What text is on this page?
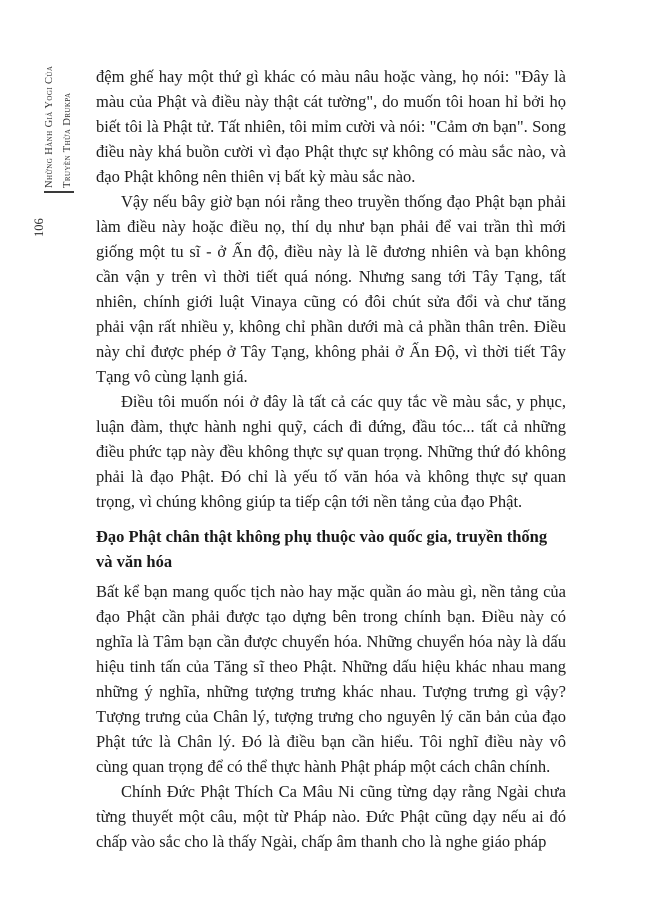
Những Hành Giả Yogi Của Truyền Thừa Drukpa
106

đệm ghế hay một thứ gì khác có màu nâu hoặc vàng, họ nói: "Đây là màu của Phật và điều này thật cát tường", do muốn tôi hoan hỉ bởi họ biết tôi là Phật tử. Tất nhiên, tôi mỉm cười và nói: "Cảm ơn bạn". Song điều này khá buồn cười vì đạo Phật thực sự không có màu sắc nào, và đạo Phật không nên thiên vị bất kỳ màu sắc nào.

Vậy nếu bây giờ bạn nói rằng theo truyền thống đạo Phật bạn phải làm điều này hoặc điều nọ, thí dụ như bạn phải để vai trần thì mới giống một tu sĩ - ở Ấn độ, điều này là lẽ đương nhiên và bạn không cần vận y trên vì thời tiết quá nóng. Nhưng sang tới Tây Tạng, tất nhiên, chính giới luật Vinaya cũng có đôi chút sửa đổi và chư tăng phải vận rất nhiều y, không chỉ phần dưới mà cả phần thân trên. Điều này chỉ được phép ở Tây Tạng, không phải ở Ấn Độ, vì thời tiết Tây Tạng vô cùng lạnh giá.

Điều tôi muốn nói ở đây là tất cả các quy tắc về màu sắc, y phục, luận đàm, thực hành nghi quỹ, cách đi đứng, đầu tóc... tất cả những điều phức tạp này đều không thực sự quan trọng. Những thứ đó không phải là đạo Phật. Đó chỉ là yếu tố văn hóa và không thực sự quan trọng, vì chúng không giúp ta tiếp cận tới nền tảng của đạo Phật.

Đạo Phật chân thật không phụ thuộc vào quốc gia, truyền thống và văn hóa

Bất kể bạn mang quốc tịch nào hay mặc quần áo màu gì, nền tảng của đạo Phật cần phải được tạo dựng bên trong chính bạn. Điều này có nghĩa là Tâm bạn cần được chuyển hóa. Những chuyển hóa này là dấu hiệu tinh tấn của Tăng sĩ theo Phật. Những dấu hiệu khác nhau mang những ý nghĩa, những tượng trưng khác nhau. Tượng trưng gì vậy? Tượng trưng của Chân lý, tượng trưng cho nguyên lý căn bản của đạo Phật tức là Chân lý. Đó là điều bạn cần hiểu. Tôi nghĩ điều này vô cùng quan trọng để có thể thực hành Phật pháp một cách chân chính.

Chính Đức Phật Thích Ca Mâu Ni cũng từng dạy rằng Ngài chưa từng thuyết một câu, một từ Pháp nào. Đức Phật cũng dạy nếu ai đó chấp vào sắc cho là thấy Ngài, chấp âm thanh cho là nghe giáo pháp
